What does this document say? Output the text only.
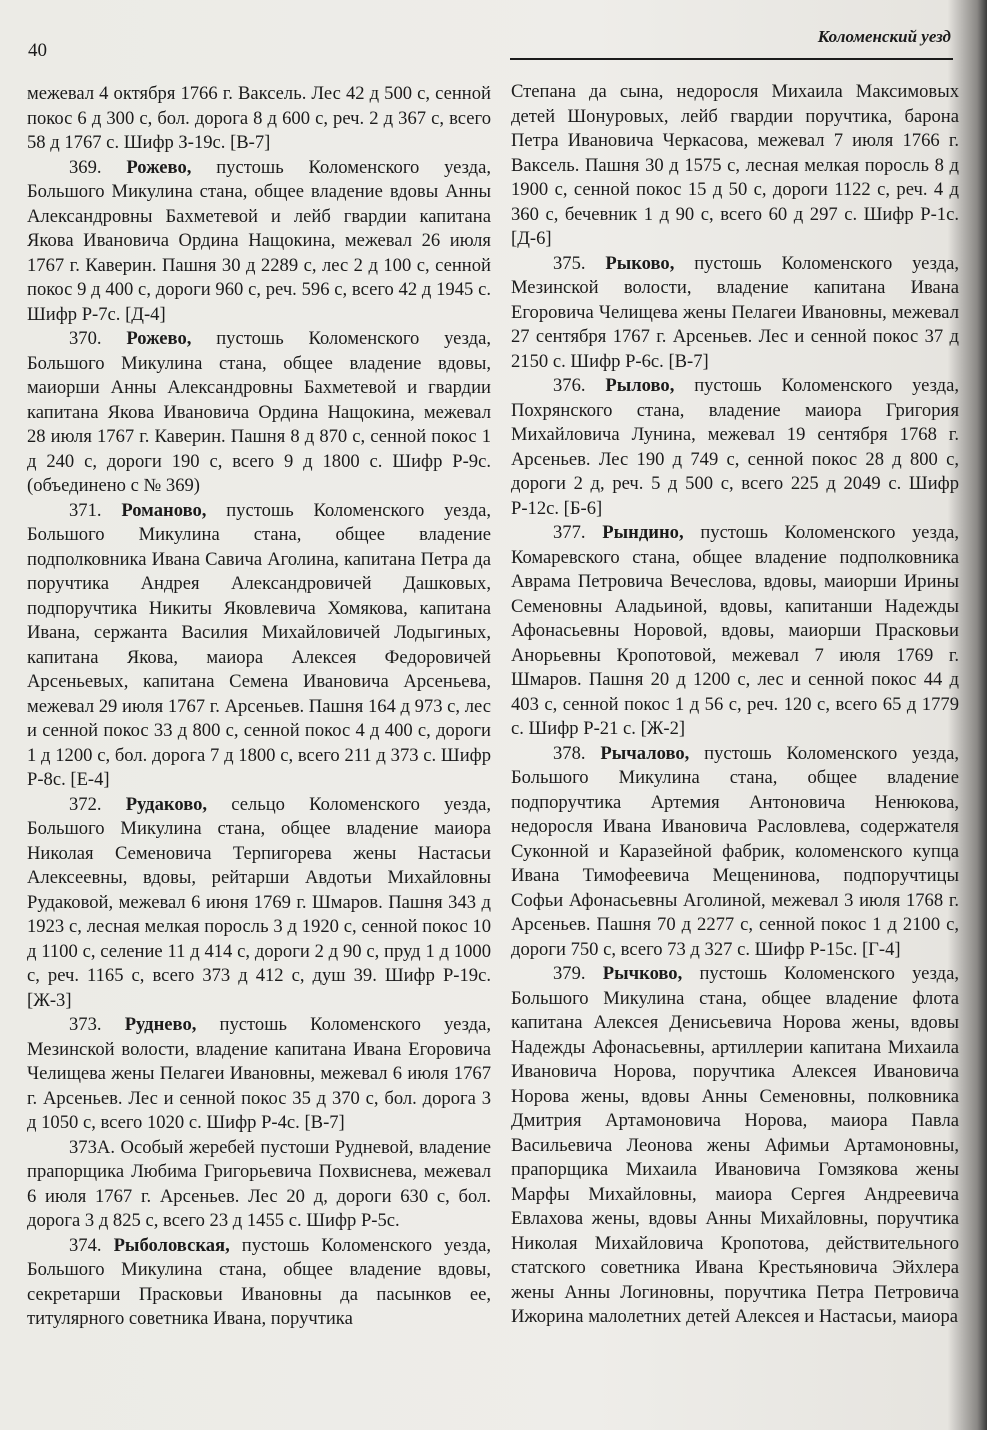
40
Коломенский уезд

межевал 4 октября 1766 г. Ваксель. Лес 42 д 500 с, сенной покос 6 д 300 с, бол. дорога 8 д 600 с, реч. 2 д 367 с, всего 58 д 1767 с. Шифр З-19с. [В-7]

369. Рожево, пустошь Коломенского уезда, Большого Микулина стана, общее владение вдовы Анны Александровны Бахметевой и лейб гвардии капитана Якова Ивановича Ордина Нащокина, межевал 26 июля 1767 г. Каверин. Пашня 30 д 2289 с, лес 2 д 100 с, сенной покос 9 д 400 с, дороги 960 с, реч. 596 с, всего 42 д 1945 с. Шифр Р-7с. [Д-4]

370. Рожево, пустошь Коломенского уезда, Большого Микулина стана, общее владение вдовы, маиорши Анны Александровны Бахметевой и гвардии капитана Якова Ивановича Ордина Нащокина, межевал 28 июля 1767 г. Каверин. Пашня 8 д 870 с, сенной покос 1 д 240 с, дороги 190 с, всего 9 д 1800 с. Шифр Р-9с. (объединено с № 369)

371. Романово, пустошь Коломенского уезда, Большого Микулина стана, общее владение подполковника Ивана Савича Аголина, капитана Петра да поручтика Андрея Александровичей Дашковых, подпоручтика Никиты Яковлевича Хомякова, капитана Ивана, сержанта Василия Михайловичей Лодыгиных, капитана Якова, маиора Алексея Федоровичей Арсеньевых, капитана Семена Ивановича Арсеньева, межевал 29 июля 1767 г. Арсеньев. Пашня 164 д 973 с, лес и сенной покос 33 д 800 с, сенной покос 4 д 400 с, дороги 1 д 1200 с, бол. дорога 7 д 1800 с, всего 211 д 373 с. Шифр Р-8с. [Е-4]

372. Рудаково, сельцо Коломенского уезда, Большого Микулина стана, общее владение маиора Николая Семеновича Терпигорева жены Настасьи Алексеевны, вдовы, рейтарши Авдотьи Михайловны Рудаковой, межевал 6 июня 1769 г. Шмаров. Пашня 343 д 1923 с, лесная мелкая поросль 3 д 1920 с, сенной покос 10 д 1100 с, селение 11 д 414 с, дороги 2 д 90 с, пруд 1 д 1000 с, реч. 1165 с, всего 373 д 412 с, душ 39. Шифр Р-19с. [Ж-3]

373. Руднево, пустошь Коломенского уезда, Мезинской волости, владение капитана Ивана Егоровича Челищева жены Пелагеи Ивановны, межевал 6 июля 1767 г. Арсеньев. Лес и сенной покос 35 д 370 с, бол. дорога 3 д 1050 с, всего 1020 с. Шифр Р-4с. [В-7]

373А. Особый жеребей пустоши Рудневой, владение прапорщика Любима Григорьевича Похвиснева, межевал 6 июля 1767 г. Арсеньев. Лес 20 д, дороги 630 с, бол. дорога 3 д 825 с, всего 23 д 1455 с. Шифр Р-5с.

374. Рыболовская, пустошь Коломенского уезда, Большого Микулина стана, общее владение вдовы, секретарши Прасковьи Ивановны да пасынков ее, титулярного советника Ивана, поручтика

Степана да сына, недоросля Михаила Максимовых детей Шонуровых, лейб гвардии поручтика, барона Петра Ивановича Черкасова, межевал 7 июля 1766 г. Ваксель. Пашня 30 д 1575 с, лесная мелкая поросль 8 д 1900 с, сенной покос 15 д 50 с, дороги 1122 с, реч. 4 д 360 с, бечевник 1 д 90 с, всего 60 д 297 с. Шифр Р-1с. [Д-6]

375. Рыково, пустошь Коломенского уезда, Мезинской волости, владение капитана Ивана Егоровича Челищева жены Пелагеи Ивановны, межевал 27 сентября 1767 г. Арсеньев. Лес и сенной покос 37 д 2150 с. Шифр Р-6с. [В-7]

376. Рылово, пустошь Коломенского уезда, Похрянского стана, владение маиора Григория Михайловича Лунина, межевал 19 сентября 1768 г. Арсеньев. Лес 190 д 749 с, сенной покос 28 д 800 с, дороги 2 д, реч. 5 д 500 с, всего 225 д 2049 с. Шифр Р-12с. [Б-6]

377. Рындино, пустошь Коломенского уезда, Комаревского стана, общее владение подполковника Аврама Петровича Вечеслова, вдовы, маиорши Ирины Семеновны Аладьиной, вдовы, капитанши Надежды Афонасьевны Норовой, вдовы, маиорши Прасковьи Анорьевны Кропотовой, межевал 7 июля 1769 г. Шмаров. Пашня 20 д 1200 с, лес и сенной покос 44 д 403 с, сенной покос 1 д 56 с, реч. 120 с, всего 65 д 1779 с. Шифр Р-21 с. [Ж-2]

378. Рычалово, пустошь Коломенского уезда, Большого Микулина стана, общее владение подпоручтика Артемия Антоновича Ненюкова, недоросля Ивана Ивановича Расловлева, содержателя Суконной и Каразейной фабрик, коломенского купца Ивана Тимофеевича Мещенинова, подпоручтицы Софьи Афонасьевны Аголиной, межевал 3 июля 1768 г. Арсеньев. Пашня 70 д 2277 с, сенной покос 1 д 2100 с, дороги 750 с, всего 73 д 327 с. Шифр Р-15с. [Г-4]

379. Рычково, пустошь Коломенского уезда, Большого Микулина стана, общее владение флота капитана Алексея Денисьевича Норова жены, вдовы Надежды Афонасьевны, артиллерии капитана Михаила Ивановича Норова, поручтика Алексея Ивановича Норова жены, вдовы Анны Семеновны, полковника Дмитрия Артамоновича Норова, маиора Павла Васильевича Леонова жены Афимьи Артамоновны, прапорщика Михаила Ивановича Гомзякова жены Марфы Михайловны, маиора Сергея Андреевича Евлахова жены, вдовы Анны Михайловны, поручтика Николая Михайловича Кропотова, действительного статского советника Ивана Крестьяновича Эйхлера жены Анны Логиновны, поручтика Петра Петровича Ижорина малолетних детей Алексея и Настасьи, маиора
